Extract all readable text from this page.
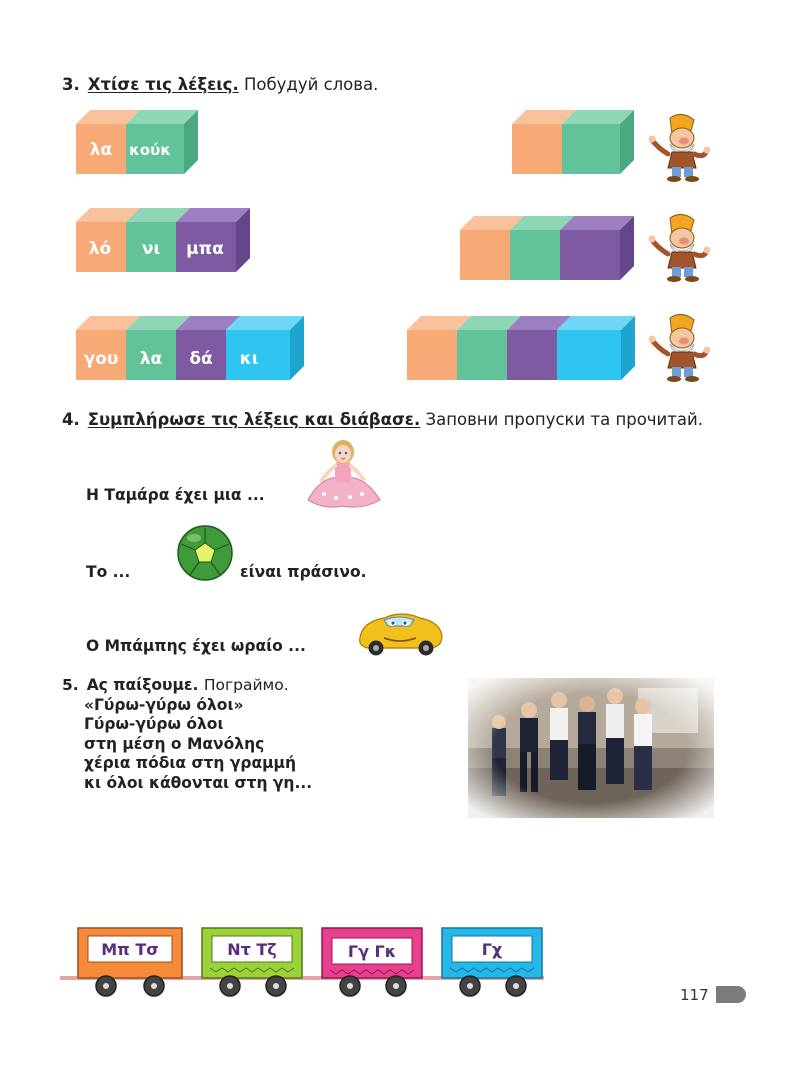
3. Χτίσε τις λέξεις. Побудуй слова.
λα κούκ
λό νι μπα
γου λα δά κι
4. Συμπλήρωσε τις λέξεις και διάβασε. Заповни пропуски та прочитай.
Η Ταμάρα έχει μια ...
Το ...	είναι πράσινο.
Ο Μπάμπης έχει ωραίο ...
5. Ας παίξουμε. Пограймо.
«Γύρω-γύρω όλοι»
Γύρω-γύρω όλοι
στη μέση ο Μανόλης
χέρια πόδια στη γραμμή
κι όλοι κάθονται στη γη...
Μπ Τσ	Ντ Τζ	Γγ Γκ	Γχ
117
